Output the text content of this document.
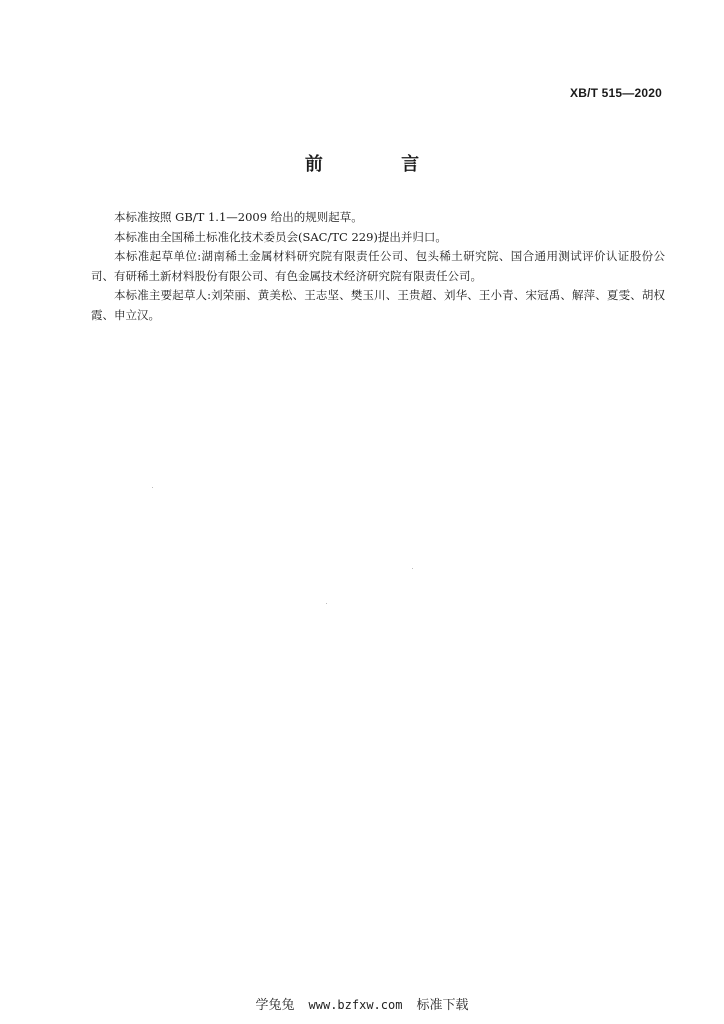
XB/T 515—2020
前 言

本标准按照 GB/T 1.1—2009 给出的规则起草。

本标准由全国稀土标准化技术委员会(SAC/TC 229)提出并归口。

本标准起草单位:湖南稀土金属材料研究院有限责任公司、包头稀土研究院、国合通用测试评价认证股份公司、有研稀土新材料股份有限公司、有色金属技术经济研究院有限责任公司。

本标准主要起草人:刘荣丽、黄美松、王志坚、樊玉川、王贵超、刘华、王小青、宋冠禹、解萍、夏雯、胡权霞、申立汉。

学兔兔 www.bzfxw.com 标准下载
